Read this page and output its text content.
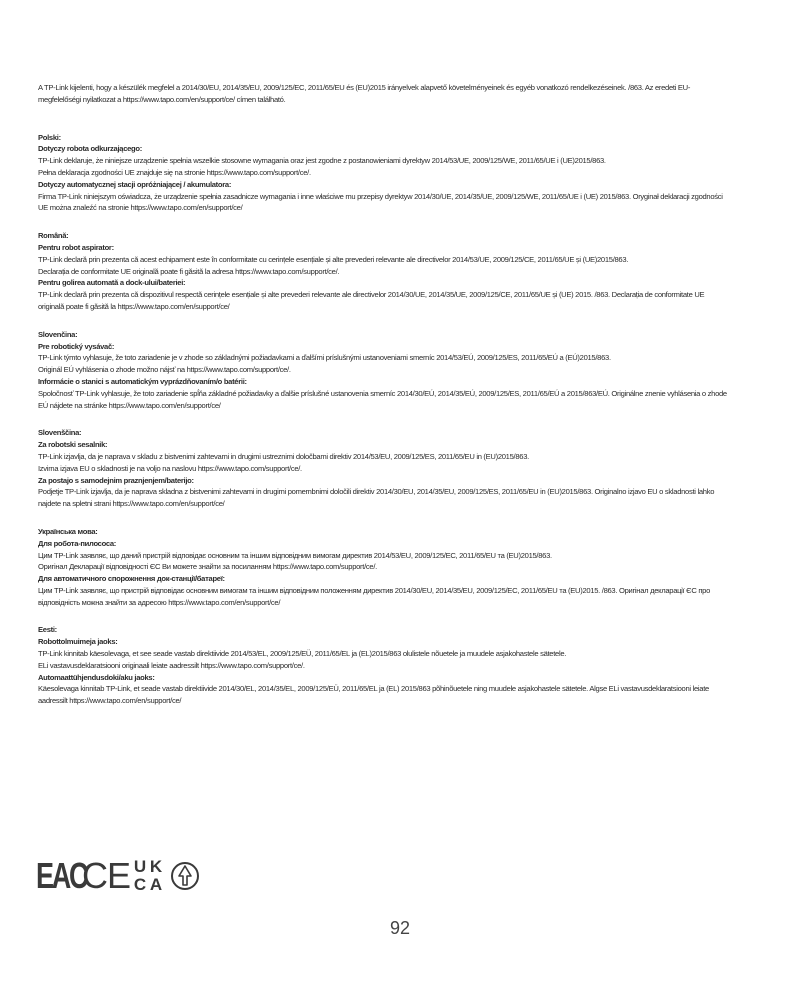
A TP-Link kijelenti, hogy a készülék megfelel a 2014/30/EU, 2014/35/EU, 2009/125/EC, 2011/65/EU és (EU)2015 irányelvek alapvető követelményeinek és egyéb vonatkozó rendelkezéseinek. /863. Az eredeti EU-

megfelelőségi nyilatkozat a https://www.tapo.com/en/support/ce/ címen található.

Polski:

Dotyczy robota odkurzającego:

TP-Link deklaruje, że niniejsze urządzenie spełnia wszelkie stosowne wymagania oraz jest zgodne z postanowieniami dyrektyw 2014/53/UE, 2009/125/WE, 2011/65/UE i (UE)2015/863.

Pełna deklaracja zgodności UE znajduje się na stronie https://www.tapo.com/support/ce/.

Dotyczy automatycznej stacji opróżniającej / akumulatora:

Firma TP-Link niniejszym oświadcza, że urządzenie spełnia zasadnicze wymagania i inne właściwe mu przepisy dyrektyw 2014/30/UE, 2014/35/UE, 2009/125/WE, 2011/65/UE i (UE) 2015/863. Oryginał deklaracji zgodności

UE można znaleźć na stronie https://www.tapo.com/en/support/ce/

Română:

Pentru robot aspirator:

TP-Link declară prin prezenta că acest echipament este în conformitate cu cerințele esențiale și alte prevederi relevante ale directivelor 2014/53/UE, 2009/125/CE, 2011/65/UE și (UE)2015/863.

Declarația de conformitate UE originală poate fi găsită la adresa https://www.tapo.com/support/ce/.

Pentru golirea automată a dock-ului/bateriei:

TP-Link declară prin prezenta că dispozitivul respectă cerințele esențiale și alte prevederi relevante ale directivelor 2014/30/UE, 2014/35/UE, 2009/125/CE, 2011/65/UE și (UE) 2015. /863. Declarația de conformitate UE

originală poate fi găsită la https://www.tapo.com/en/support/ce/

Slovenčina:

Pre robotický vysávač:

TP-Link týmto vyhlasuje, že toto zariadenie je v zhode so základnými požiadavkami a ďalšími príslušnými ustanoveniami smerníc 2014/53/EÚ, 2009/125/ES, 2011/65/EÚ a (EÚ)2015/863.

Originál EÚ vyhlásenia o zhode možno nájsť na https://www.tapo.com/support/ce/.

Informácie o stanici s automatickým vyprázdňovaním/o batérii:

Spoločnosť TP-Link vyhlasuje, že toto zariadenie spĺňa základné požiadavky a ďalšie príslušné ustanovenia smerníc 2014/30/EÚ, 2014/35/EÚ, 2009/125/ES, 2011/65/EÚ a 2015/863/EÚ. Originálne znenie vyhlásenia o zhode

EÚ nájdete na stránke https://www.tapo.com/en/support/ce/

Slovenščina:

Za robotski sesalnik:

TP-Link izjavlja, da je naprava v skladu z bistvenimi zahtevami in drugimi ustreznimi določbami direktiv 2014/53/EU, 2009/125/ES, 2011/65/EU in (EU)2015/863.

Izvirna izjava EU o skladnosti je na voljo na naslovu https://www.tapo.com/support/ce/.

Za postajo s samodejnim praznjenjem/baterijo:

Podjetje TP-Link izjavlja, da je naprava skladna z bistvenimi zahtevami in drugimi pomembnimi določili direktiv 2014/30/EU, 2014/35/EU, 2009/125/ES, 2011/65/EU in (EU)2015/863. Originalno izjavo EU o skladnosti lahko

najdete na spletni strani https://www.tapo.com/en/support/ce/

Українська мова:

Для робота-пилососа:

Цим TP-Link заявляє, що даний пристрій відповідає основним та іншим відповідним вимогам директив 2014/53/EU, 2009/125/EC, 2011/65/EU та (EU)2015/863.

Оригінал Декларації відповідності ЄС Ви можете знайти за посиланням https://www.tapo.com/support/ce/.

Для автоматичного спорожнення док-станції/батареї:

Цим TP-Link заявляє, що пристрій відповідає основним вимогам та іншим відповідним положенням директив 2014/30/EU, 2014/35/EU, 2009/125/EC, 2011/65/EU та (EU)2015. /863. Оригінал декларації ЄС про

відповідність можна знайти за адресою https://www.tapo.com/en/support/ce/

Eesti:

Robottolmuimeja jaoks:

TP-Link kinnitab käesolevaga, et see seade vastab direktiivide 2014/53/EL, 2009/125/EÜ, 2011/65/EL ja (EL)2015/863 olulistele nõuetele ja muudele asjakohastele sätetele.

ELi vastavusdeklaratsiooni originaali leiate aadressilt https://www.tapo.com/support/ce/.

Automaattühjendusdoki/aku jaoks:

Käesolevaga kinnitab TP-Link, et seade vastab direktiivide 2014/30/EL, 2014/35/EL, 2009/125/EÜ, 2011/65/EL ja (EL) 2015/863 põhinõuetele ning muudele asjakohastele sätetele. Algse ELi vastavusdeklaratsiooni leiate

aadressilt https://www.tapo.com/en/support/ce/

EAC
CE U K
C A
92
